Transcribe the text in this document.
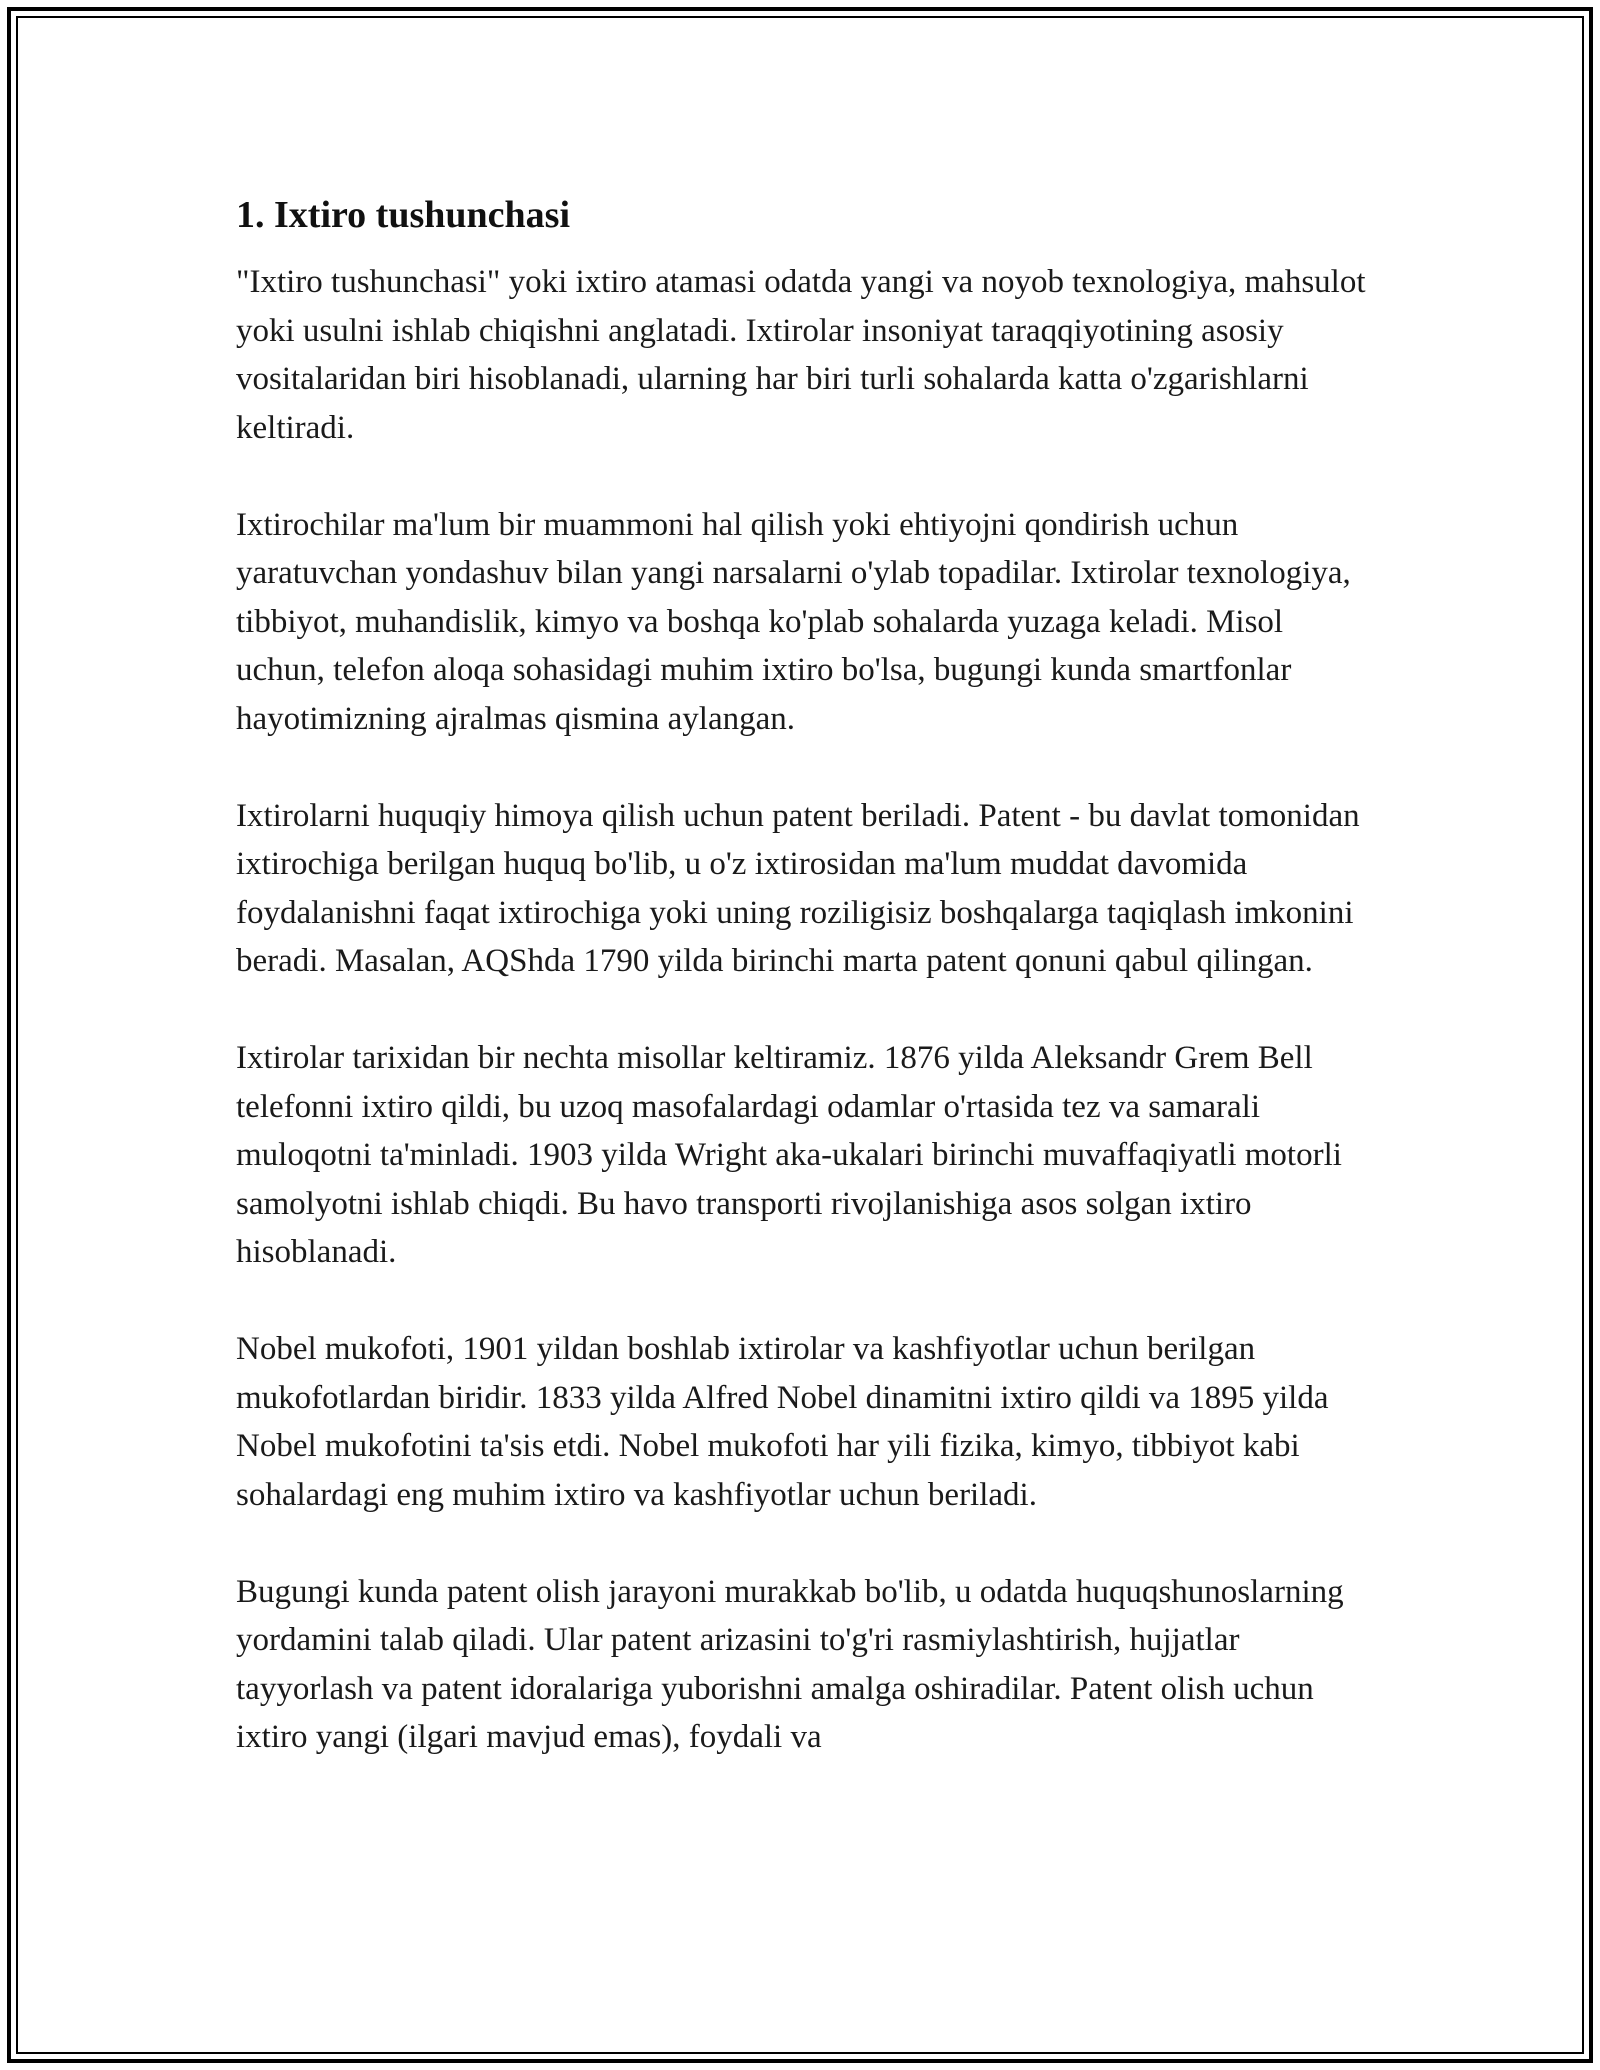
1. Ixtiro tushunchasi

"Ixtiro tushunchasi" yoki ixtiro atamasi odatda yangi va noyob texnologiya, mahsulot yoki usulni ishlab chiqishni anglatadi. Ixtirolar insoniyat taraqqiyotining asosiy vositalaridan biri hisoblanadi, ularning har biri turli sohalarda katta o'zgarishlarni keltiradi.

Ixtirochilar ma'lum bir muammoni hal qilish yoki ehtiyojni qondirish uchun yaratuvchan yondashuv bilan yangi narsalarni o'ylab topadilar. Ixtirolar texnologiya, tibbiyot, muhandislik, kimyo va boshqa ko'plab sohalarda yuzaga keladi. Misol uchun, telefon aloqa sohasidagi muhim ixtiro bo'lsa, bugungi kunda smartfonlar hayotimizning ajralmas qismina aylangan.

Ixtirolarni huquqiy himoya qilish uchun patent beriladi. Patent - bu davlat tomonidan ixtirochiga berilgan huquq bo'lib, u o'z ixtirosidan ma'lum muddat davomida foydalanishni faqat ixtirochiga yoki uning roziligisiz boshqalarga taqiqlash imkonini beradi. Masalan, AQShda 1790 yilda birinchi marta patent qonuni qabul qilingan.

Ixtirolar tarixidan bir nechta misollar keltiramiz. 1876 yilda Aleksandr Grem Bell telefonni ixtiro qildi, bu uzoq masofalardagi odamlar o'rtasida tez va samarali muloqotni ta'minladi. 1903 yilda Wright aka-ukalari birinchi muvaffaqiyatli motorli samolyotni ishlab chiqdi. Bu havo transporti rivojlanishiga asos solgan ixtiro hisoblanadi.

Nobel mukofoti, 1901 yildan boshlab ixtirolar va kashfiyotlar uchun berilgan mukofotlardan biridir. 1833 yilda Alfred Nobel dinamitni ixtiro qildi va 1895 yilda Nobel mukofotini ta'sis etdi. Nobel mukofoti har yili fizika, kimyo, tibbiyot kabi sohalardagi eng muhim ixtiro va kashfiyotlar uchun beriladi.

Bugungi kunda patent olish jarayoni murakkab bo'lib, u odatda huquqshunoslarning yordamini talab qiladi. Ular patent arizasini to'g'ri rasmiylashtirish, hujjatlar tayyorlash va patent idoralariga yuborishni amalga oshiradilar. Patent olish uchun ixtiro yangi (ilgari mavjud emas), foydali va
